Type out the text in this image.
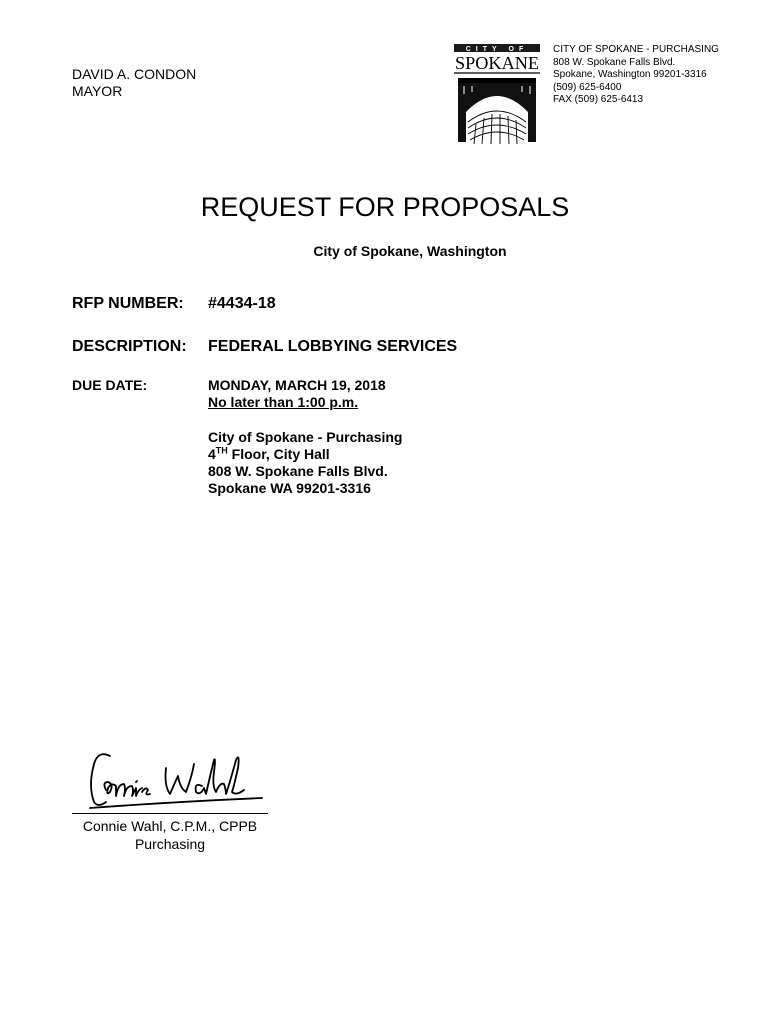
DAVID A. CONDON
MAYOR
CITY OF
SPOKANE
CITY OF SPOKANE - PURCHASING
808 W. Spokane Falls Blvd.
Spokane, Washington 99201-3316
(509) 625-6400
FAX (509) 625-6413
REQUEST FOR PROPOSALS
City of Spokane, Washington
RFP NUMBER: #4434-18
DESCRIPTION: FEDERAL LOBBYING SERVICES
DUE DATE:	MONDAY, MARCH 19, 2018
No later than 1:00 p.m.
City of Spokane - Purchasing
4TH Floor, City Hall
808 W. Spokane Falls Blvd.
Spokane WA 99201-3316
Connie Wahl, C.P.M., CPPB
Purchasing
